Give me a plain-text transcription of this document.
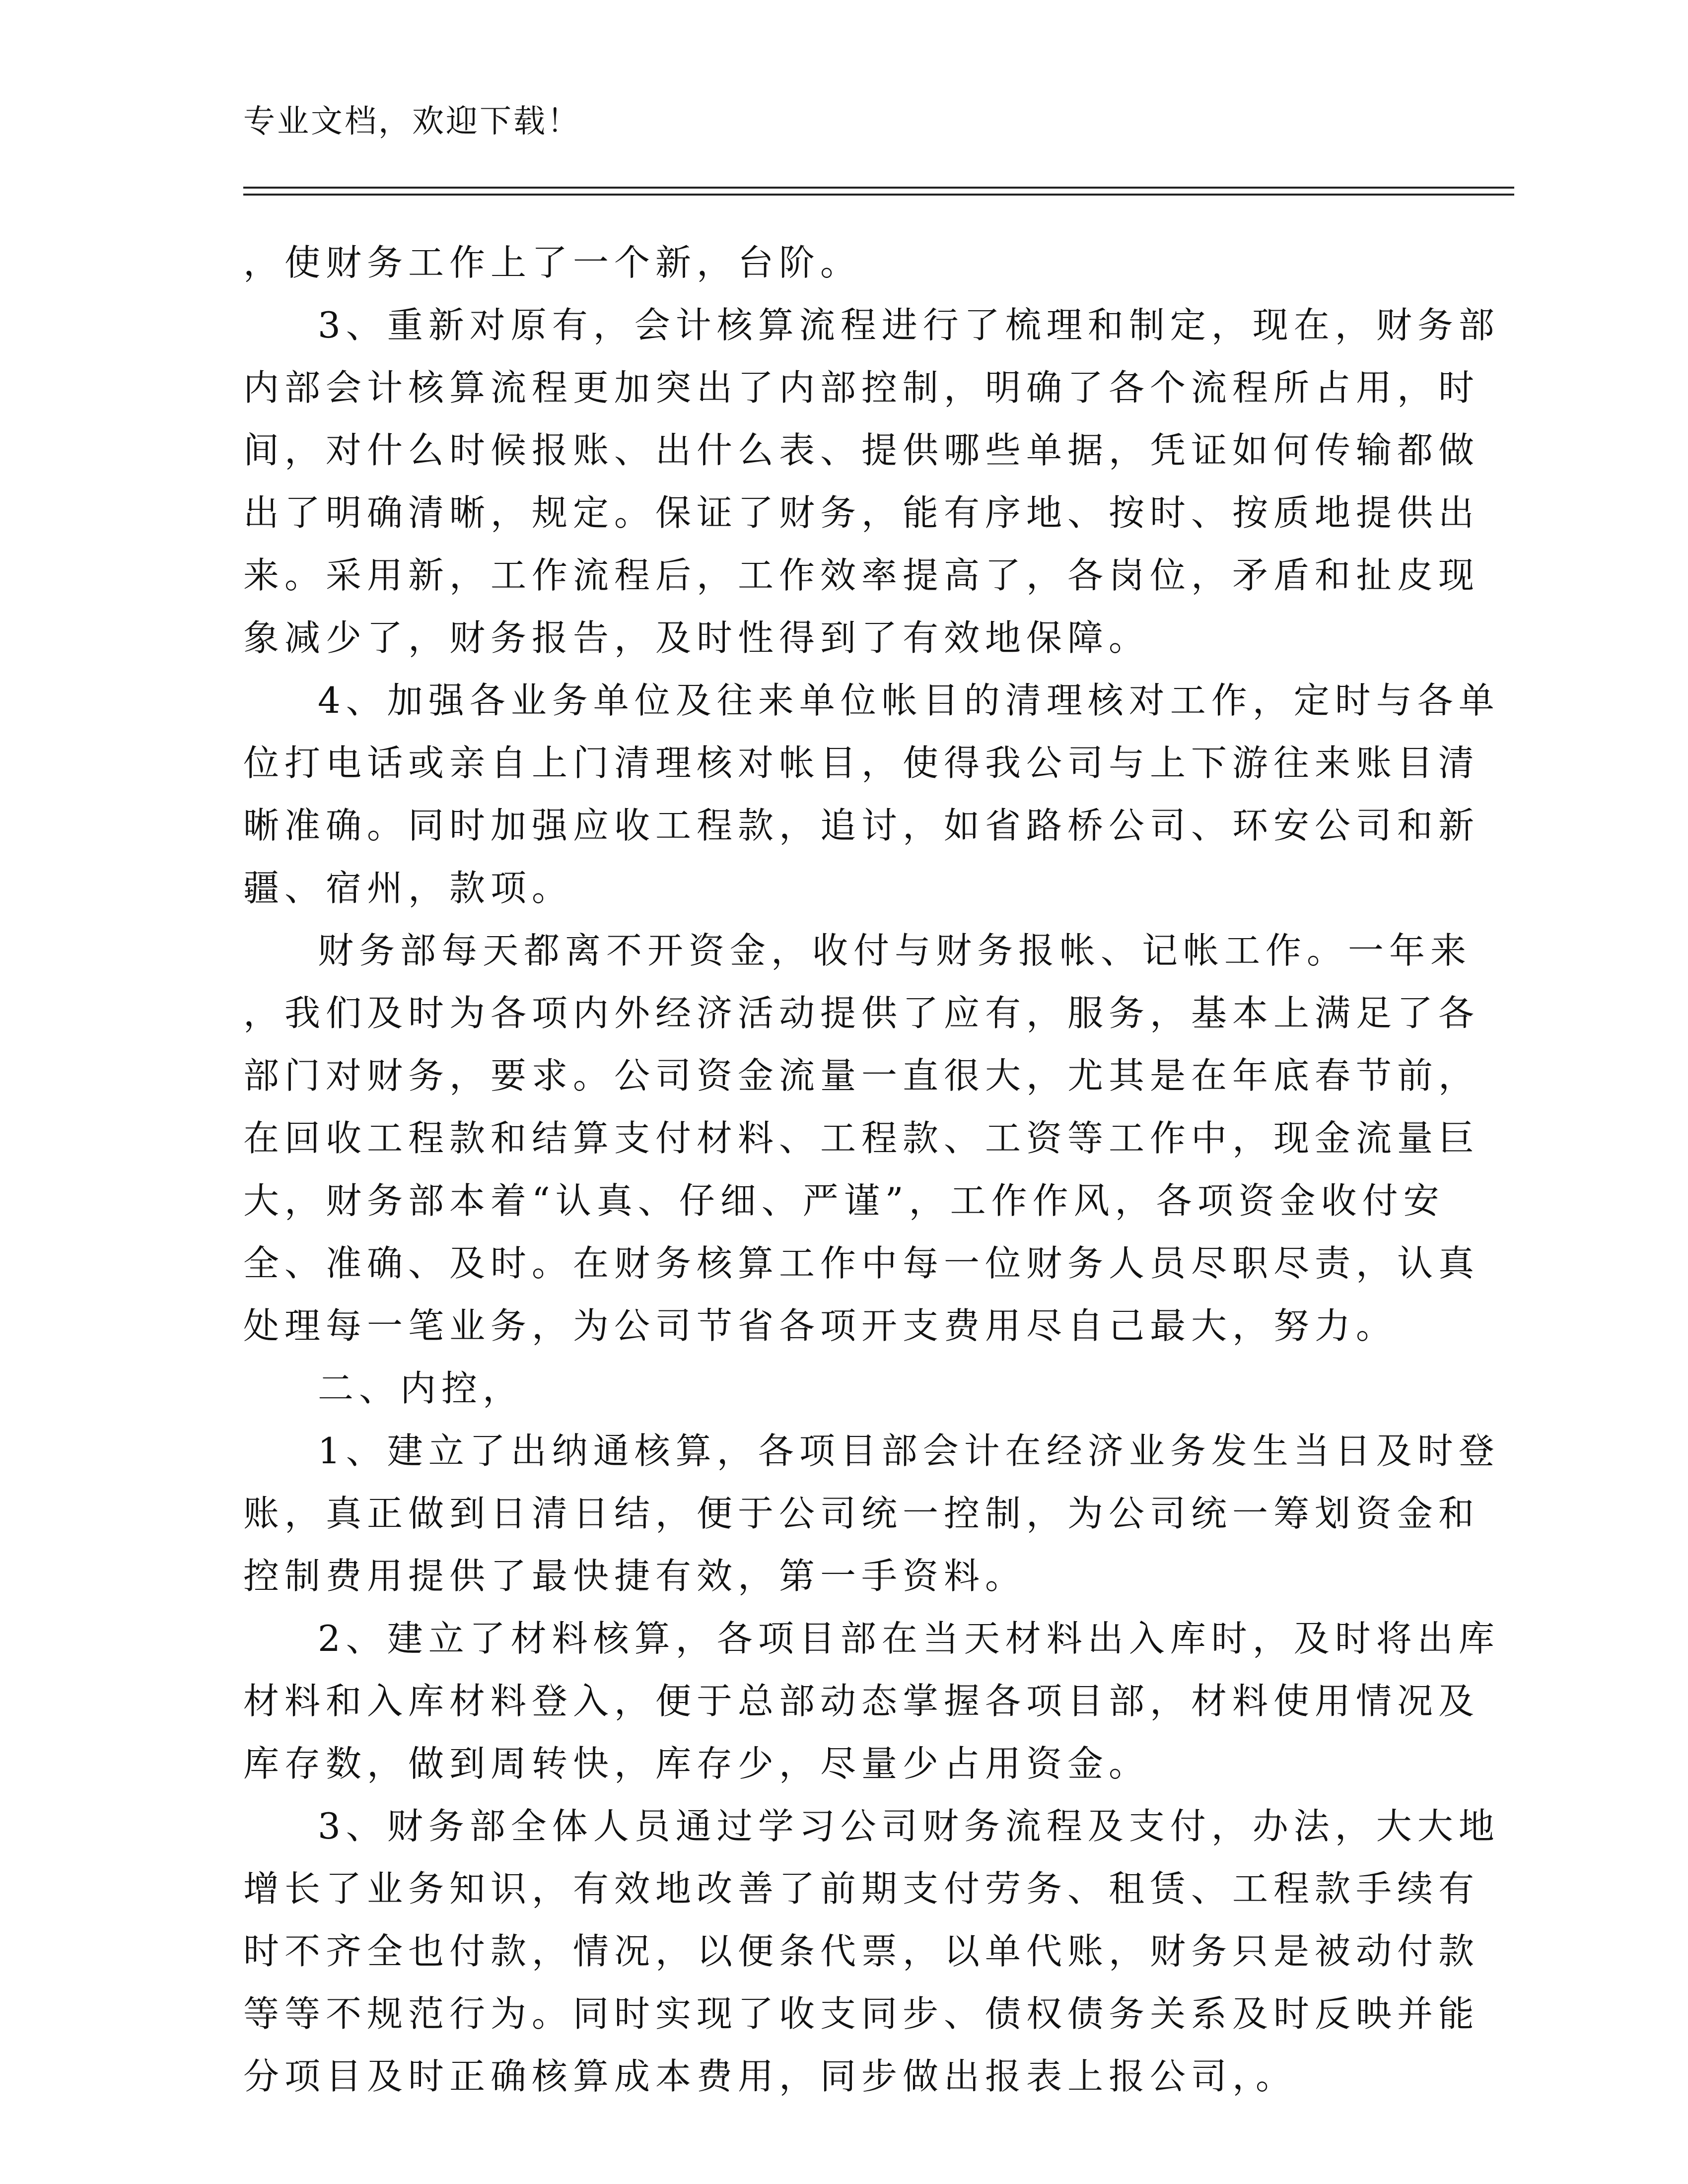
专业文档，欢迎下载！
，使财务工作上了一个新，台阶。
3、重新对原有，会计核算流程进行了梳理和制定，现在，财务部
内部会计核算流程更加突出了内部控制，明确了各个流程所占用，时
间，对什么时候报账、出什么表、提供哪些单据，凭证如何传输都做
出了明确清晰，规定。保证了财务，能有序地、按时、按质地提供出
来。采用新，工作流程后，工作效率提高了，各岗位，矛盾和扯皮现
象减少了，财务报告，及时性得到了有效地保障。
4、加强各业务单位及往来单位帐目的清理核对工作，定时与各单
位打电话或亲自上门清理核对帐目，使得我公司与上下游往来账目清
晰准确。同时加强应收工程款，追讨，如省路桥公司、环安公司和新
疆、宿州，款项。
财务部每天都离不开资金，收付与财务报帐、记帐工作。一年来
，我们及时为各项内外经济活动提供了应有，服务，基本上满足了各
部门对财务，要求。公司资金流量一直很大，尤其是在年底春节前，
在回收工程款和结算支付材料、工程款、工资等工作中，现金流量巨
大，财务部本着“认真、仔细、严谨”，工作作风，各项资金收付安
全、准确、及时。在财务核算工作中每一位财务人员尽职尽责，认真
处理每一笔业务，为公司节省各项开支费用尽自己最大，努力。
二、内控，
1、建立了出纳通核算，各项目部会计在经济业务发生当日及时登
账，真正做到日清日结，便于公司统一控制，为公司统一筹划资金和
控制费用提供了最快捷有效，第一手资料。
2、建立了材料核算，各项目部在当天材料出入库时，及时将出库
材料和入库材料登入，便于总部动态掌握各项目部，材料使用情况及
库存数，做到周转快，库存少，尽量少占用资金。
3、财务部全体人员通过学习公司财务流程及支付，办法，大大地
增长了业务知识，有效地改善了前期支付劳务、租赁、工程款手续有
时不齐全也付款，情况，以便条代票，以单代账，财务只是被动付款
等等不规范行为。同时实现了收支同步、债权债务关系及时反映并能
分项目及时正确核算成本费用，同步做出报表上报公司，。
